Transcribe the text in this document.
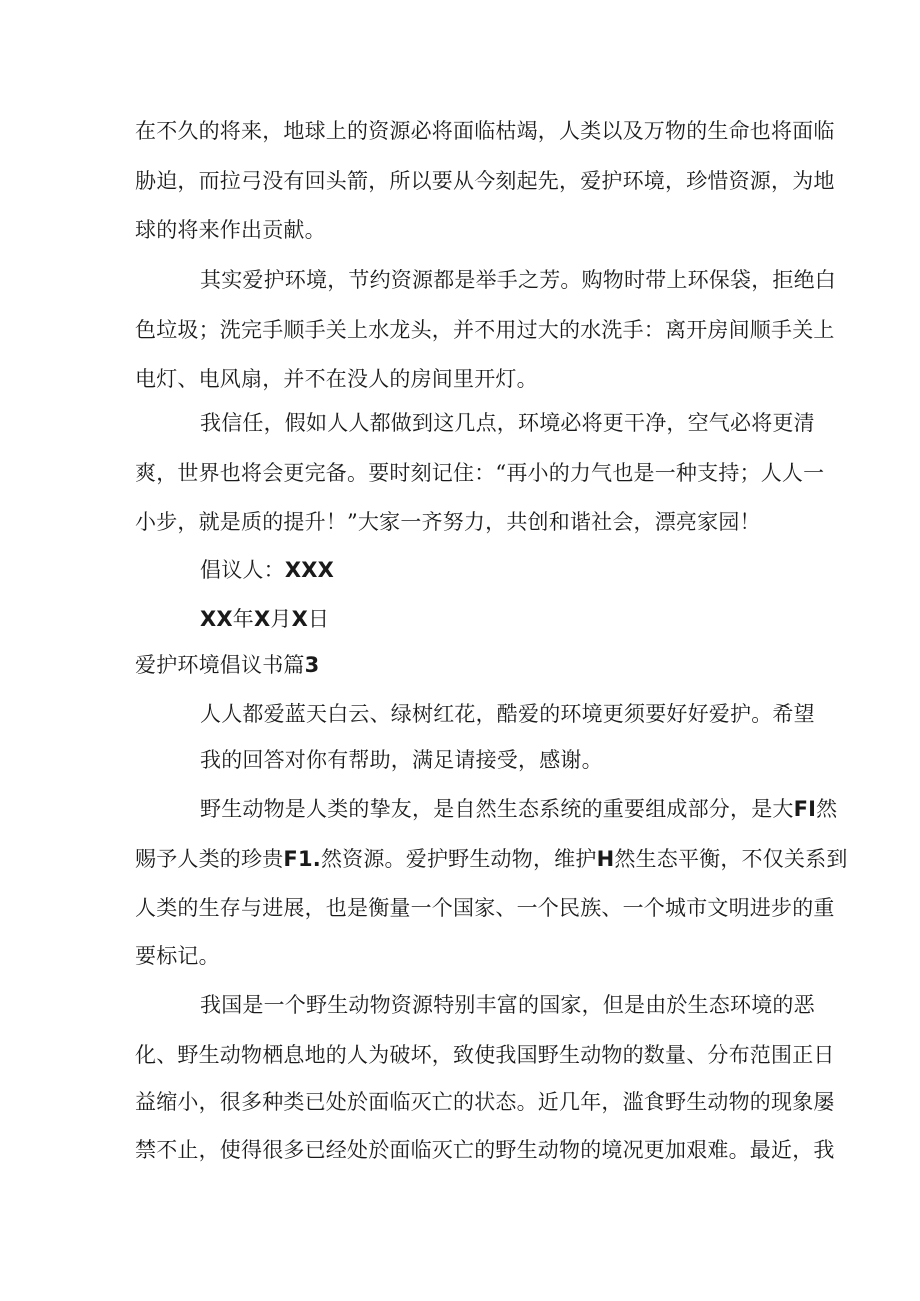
在不久的将来，地球上的资源必将面临枯竭，人类以及万物的生命也将面临
胁迫，而拉弓没有回头箭，所以要从今刻起先，爱护环境，珍惜资源，为地
球的将来作出贡献。
其实爱护环境，节约资源都是举手之芳。购物时带上环保袋，拒绝白
色垃圾；洗完手顺手关上水龙头，并不用过大的水洗手：离开房间顺手关上
电灯、电风扇，并不在没人的房间里开灯。
我信任，假如人人都做到这几点，环境必将更干净，空气必将更清
爽，世界也将会更完备。要时刻记住：“再小的力气也是一种支持；人人一
小步，就是质的提升！”大家一齐努力，共创和谐社会，漂亮家园！
倡议人：XXX
XX年X月X日
爱护环境倡议书篇3
人人都爱蓝天白云、绿树红花，酷爱的环境更须要好好爱护。希望
我的回答对你有帮助，满足请接受，感谢。
野生动物是人类的挚友，是自然生态系统的重要组成部分，是大FI然
赐予人类的珍贵F1.然资源。爱护野生动物，维护H然生态平衡，不仅关系到
人类的生存与进展，也是衡量一个国家、一个民族、一个城市文明进步的重
要标记。
我国是一个野生动物资源特别丰富的国家，但是由於生态环境的恶
化、野生动物栖息地的人为破坏，致使我国野生动物的数量、分布范围正日
益缩小，很多种类已处於面临灭亡的状态。近几年，滥食野生动物的现象屡
禁不止，使得很多已经处於面临灭亡的野生动物的境况更加艰难。最近，我
